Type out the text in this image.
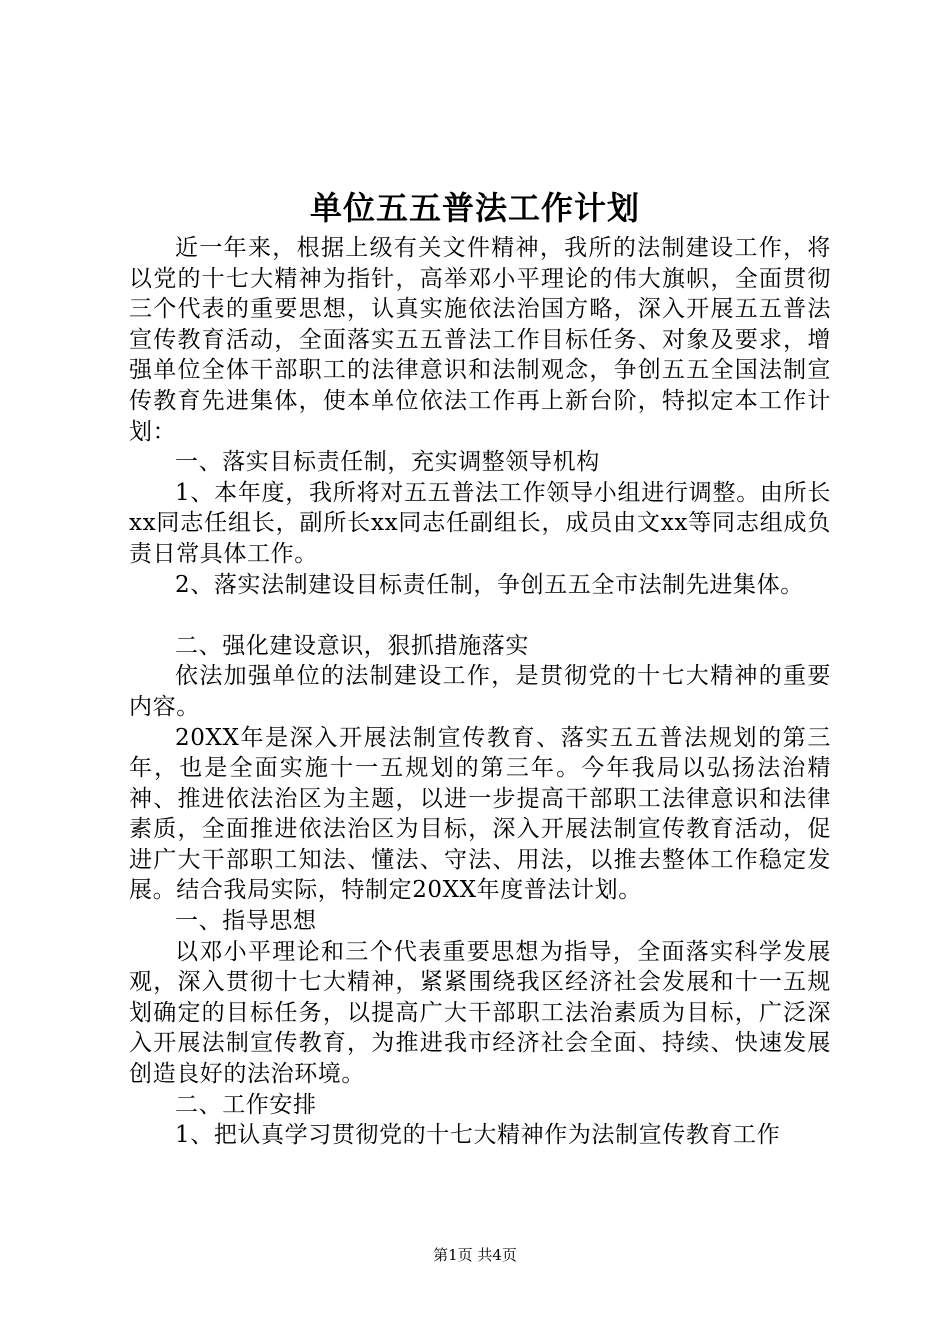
单位五五普法工作计划

近一年来，根据上级有关文件精神，我所的法制建设工作，将以党的十七大精神为指针，高举邓小平理论的伟大旗帜，全面贯彻三个代表的重要思想，认真实施依法治国方略，深入开展五五普法宣传教育活动，全面落实五五普法工作目标任务、对象及要求，增强单位全体干部职工的法律意识和法制观念，争创五五全国法制宣传教育先进集体，使本单位依法工作再上新台阶，特拟定本工作计划：

一、落实目标责任制，充实调整领导机构

1、本年度，我所将对五五普法工作领导小组进行调整。由所长xx同志任组长，副所长xx同志任副组长，成员由文xx等同志组成负责日常具体工作。

2、落实法制建设目标责任制，争创五五全市法制先进集体。

二、强化建设意识，狠抓措施落实

依法加强单位的法制建设工作，是贯彻党的十七大精神的重要内容。

20XX年是深入开展法制宣传教育、落实五五普法规划的第三年，也是全面实施十一五规划的第三年。今年我局以弘扬法治精神、推进依法治区为主题，以进一步提高干部职工法律意识和法律素质，全面推进依法治区为目标，深入开展法制宣传教育活动，促进广大干部职工知法、懂法、守法、用法，以推去整体工作稳定发展。结合我局实际，特制定20XX年度普法计划。

一、指导思想

以邓小平理论和三个代表重要思想为指导，全面落实科学发展观，深入贯彻十七大精神，紧紧围绕我区经济社会发展和十一五规划确定的目标任务，以提高广大干部职工法治素质为目标，广泛深入开展法制宣传教育，为推进我市经济社会全面、持续、快速发展创造良好的法治环境。

二、工作安排

1、把认真学习贯彻党的十七大精神作为法制宣传教育工作

第1页 共4页
